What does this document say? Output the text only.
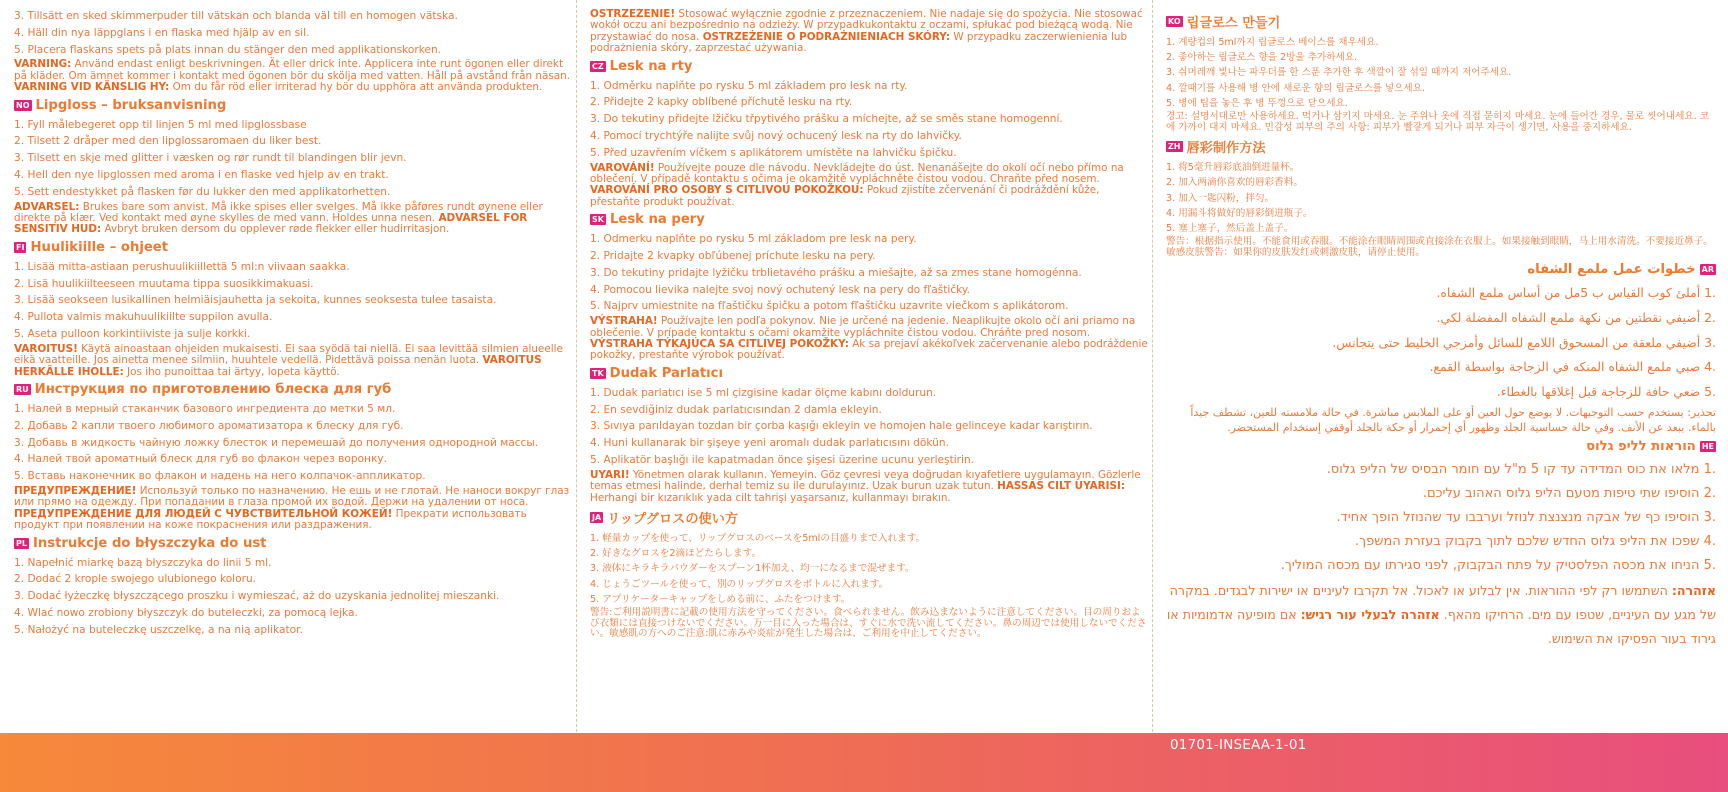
3. Tillsätt en sked skimmerpuder till vätskan och blanda väl till en homogen vätska.
4. Häll din nya läppglans i en flaska med hjälp av en sil.
5. Placera flaskans spets på plats innan du stänger den med applikationskorken.
VARNING: Använd endast enligt beskrivningen. Ät eller drick inte. Applicera inte runt ögonen eller direkt på kläder. Om ämnet kommer i kontakt med ögonen bör du skölja med vatten. Håll på avstånd från näsan. VARNING VID KÄNSLIG HY: Om du får röd eller irriterad hy bör du upphöra att använda produkten.
NO Lipgloss – bruksanvisning
1. Fyll målebegeret opp til linjen 5 ml med lipglossbase
2. Tilsett 2 dråper med den lipglossaromaen du liker best.
3. Tilsett en skje med glitter i væsken og rør rundt til blandingen blir jevn.
4. Hell den nye lipglossen med aroma i en flaske ved hjelp av en trakt.
5. Sett endestykket på flasken før du lukker den med applikatorhetten.
ADVARSEL: Brukes bare som anvist. Må ikke spises eller svelges. Må ikke påføres rundt øynene eller direkte på klær. Ved kontakt med øyne skylles de med vann. Holdes unna nesen. ADVARSEL FOR SENSITIV HUD: Avbryt bruken dersom du opplever røde flekker eller hudirritasjon.
FI Huulikiille – ohjeet
1. Lisää mitta-astiaan perushuulikiillettä 5 ml:n viivaan saakka.
2. Lisä huulikiilteeseen muutama tippa suosikkimakuasi.
3. Lisää seokseen lusikallinen helmiäisjauhetta ja sekoita, kunnes seoksesta tulee tasaista.
4. Pullota valmis makuhuulikiilte suppilon avulla.
5. Aseta pulloon korkintiiviste ja sulje korkki.
VAROITUS! Käytä ainoastaan ohjeiden mukaisesti. Ei saa syödä tai niellä. Ei saa levittää silmien alueelle eikä vaatteille. Jos ainetta menee silmiin, huuhtele vedellä. Pidettävä poissa nenän luota. VAROITUS HERKÄLLE IHOLLE: Jos iho punoittaa tai ärtyy, lopeta käyttö.
RU Инструкция по приготовлению блеска для губ
1. Налей в мерный стаканчик базового ингредиента до метки 5 мл.
2. Добавь 2 капли твоего любимого ароматизатора к блеску для губ.
3. Добавь в жидкость чайную ложку блесток и перемешай до получения однородной массы.
4. Налей твой ароматный блеск для губ во флакон через воронку.
5. Вставь наконечник во флакон и надень на него колпачок-аппликатор.
ПРЕДУПРЕЖДЕНИЕ! Используй только по назначению. Не ешь и не глотай. Не наноси вокруг глаз или прямо на одежду. При попадании в глаза промой их водой. Держи на удалении от носа. ПРЕДУПРЕЖДЕНИЕ ДЛЯ ЛЮДЕЙ С ЧУВСТВИТЕЛЬНОЙ КОЖЕЙ! Прекрати использовать продукт при появлении на коже покраснения или раздражения.
PL Instrukcje do błyszczyka do ust
1. Napełnić miarkę bazą błyszczyka do linii 5 ml.
2. Dodać 2 krople swojego ulubionego koloru.
3. Dodać łyżeczkę błyszczącego proszku i wymieszać, aż do uzyskania jednolitej mieszanki.
4. Wlać nowo zrobiony błyszczyk do buteleczki, za pomocą lejka.
5. Nałożyć na buteleczkę uszczelkę, a na nią aplikator.
OSTRZEŻENIE! Stosować wyłącznie zgodnie z przeznaczeniem. Nie nadaje się do spożycia. Nie stosować wokół oczu ani bezpośrednio na odzieży. W przypadkukontaktu z oczami, spłukać pod bieżącą wodą. Nie przystawiać do nosa. OSTRZEŻENIE O PODRAŻNIENIACH SKÓRY: W przypadku zaczerwienienia lub podrażnienia skóry, zaprzestać używania.
CZ Lesk na rty
1. Odměrku naplňte po rysku 5 ml základem pro lesk na rty.
2. Přidejte 2 kapky oblíbené příchutě lesku na rty.
3. Do tekutiny přidejte lžičku třpytivého prášku a míchejte, až se směs stane homogenní.
4. Pomocí trychtýře nalijte svůj nový ochucený lesk na rty do lahvičky.
5. Před uzavřením víčkem s aplikátorem umístěte na lahvičku špičku.
VAROVÁNÍ! Používejte pouze dle návodu. Nevkládejte do úst. Nenanášejte do okolí očí nebo přímo na oblečení. V případě kontaktu s očima je okamžitě vypláchněte čistou vodou. Chraňte před nosem. VAROVÁNÍ PRO OSOBY S CITLIVOU POKOŽKOU: Pokud zjistíte zčervenání či podráždění kůže, přestaňte produkt používat.
SK Lesk na pery
1. Odmerku naplňte po rysku 5 ml základom pre lesk na pery.
2. Pridajte 2 kvapky obľúbenej príchute lesku na pery.
3. Do tekutiny pridajte lyžičku trblietavého prášku a miešajte, až sa zmes stane homogénna.
4. Pomocou lievika nalejte svoj nový ochutený lesk na pery do fľaštičky.
5. Najprv umiestnite na fľaštičku špičku a potom fľaštičku uzavrite viečkom s aplikátorom.
VÝSTRAHA! Používajte len podľa pokynov. Nie je určené na jedenie. Neaplikujte okolo očí ani priamo na oblečenie. V prípade kontaktu s očami okamžite vypláchnite čistou vodou. Chráňte pred nosom. VÝSTRAHA TÝKAJÚCA SA CITLIVEJ POKOŽKY: Ak sa prejaví akékoľvek začervenanie alebo podráždenie pokožky, prestaňte výrobok používať.
TK Dudak Parlatıcı
1. Dudak parlatıcı ise 5 ml çizgisine kadar ölçme kabını doldurun.
2. En sevdiğiniz dudak parlatıcısından 2 damla ekleyin.
3. Sıvıya parıldayan tozdan bir çorba kaşığı ekleyin ve homojen hale gelinceye kadar karıştırın.
4. Huni kullanarak bir şişeye yeni aromalı dudak parlatıcısını dökün.
5. Aplikatör başlığı ile kapatmadan önce şişesi üzerine ucunu yerleştirin.
UYARI! Yönetmen olarak kullanın. Yemeyin. Göz çevresi veya doğrudan kıyafetlere uygulamayın. Gözlerle temas etmesi halinde, derhal temiz su ile durulayınız. Uzak burun uzak tutun. HASSAS CILT UYARISI: Herhangi bir kızarıklık yada cilt tahrişi yaşarsanız, kullanmayı bırakın.
JA リップグロスの使い方
1. 軽量カップを使って、リップグロスのベースを5mlの目盛りまで入れます。
2. 好きなグロスを2滴ほどたらします。
3. 液体にキラキラパウダーをスプーン1杯加え、均一になるまで混ぜます。
4. じょうごツールを使って、別のリップグロスをボトルに入れます。
5. アプリケーターキャップをしめる前に、ふたをつけます。
警告:ご利用説明書に記載の使用方法を守ってください。食べられません。飲み込まないように注意してください。目の周りおよび衣類には直接つけないでください。万一目に入った場合は、すぐに水で洗い流してください。鼻の周辺では使用しないでください。敏感肌の方へのご注意:肌に赤みや炎症が発生した場合は、ご利用を中止してください。
KO 립글로스 만들기
1. 계량컵의 5ml까지 립글로스 베이스를 채우세요.
2. 좋아하는 립글로스 향을 2방울 추가하세요.
3. 쉬머레깨 빛나는 파우더를 한 스푼 추가한 후 색깔이 잘 섞일 때까지 저어주세요.
4. 깔때기를 사용해 병 안에 새로운 향의 립글로스를 넣으세요.
5. 병에 팁을 놓은 후 병 뚜껑으로 닫으세요.
경고: 설명서대로만 사용하세요. 먹거나 삼키지 마세요. 눈 주위나 옷에 직접 묻히지 마세요. 눈에 들어간 경우, 물로 씻어내세요. 코에 가까이 대지 마세요. 민감성 피부의 주의 사항: 피부가 빨갛게 되거나 피부 자극이 생기면, 사용을 중지하세요.
ZH 唇彩制作方法
1. 将5毫升唇彩底油倒进量杯。
2. 加入两滴你喜欢的唇彩香料。
3. 加入一匙闪粉，拌匀。
4. 用漏斗将做好的唇彩倒进瓶子。
5. 塞上塞子，然后盖上盖子。
警告：根据指示使用。不能食用或吞服。不能涂在眼睛周围或直接涂在衣服上。如果接触到眼睛，马上用水清洗。不要接近鼻子。敏感皮肤警告：如果你的皮肤发红或刺激皮肤，请停止使用。
AR
خطوات عمل ملمع الشفاه
.1 أملئ كوب القياس ب 5مل من أساس ملمع الشفاه.
.2 أضيفي نقطتين من نكهة ملمع الشفاه المفضلة لكي.
.3 أضيفي ملعقة من المسحوق اللامع للسائل وأمزجي الخليط حتى يتجانس.
.4 صبي ملمع الشفاه المنكه في الزجاجة بواسطة القمع.
.5 ضعي حافة للزجاجة قبل إغلاقها بالغطاء.
تحذير: يستخدم حسب التوجيهات. لا يوضع حول العين أو على الملابس مباشرة. في حالة ملامسته للعين، تشطف جيداً بالماء. يبعد عن الأنف. وفي حالة حساسية الجلد وظهور أي إحمرار أو حكة بالجلد أوقفي إستخدام المستحضر.
HE
הוראות לליפ גלוס
.1 מלאו את כוס המדידה עד קו 5 מ"ל עם חומר הבסיס של הליפ גלוס.
.2 הוסיפו שתי טיפות מטעם הליפ גלוס האהוב עליכם.
.3 הוסיפו כף של אבקה מנצנצת לנוזל וערבבו עד שהנוזל הופך אחיד.
.4 שפכו את הליפ גלוס החדש שלכם לתוך בקבוק בעזרת המשפך.
.5 הניחו את מכסה הפלסטיק על פתח הבקבוק, לפני סגירתו עם מכסה המוליך.
אזהרה: השתמשו רק לפי ההוראות. אין לבלוע או לאכול. אל תקרבו לעיניים או ישירות לבגדים. במקרה של מגע עם העיניים, שטפו עם מים. הרחיקו מהאף. אזהרה לבעלי עור רגיש: אם מופיעה אדמומיות או גירוד בעור הפסיקו את השימוש.
01701-INSEAA-1-01
